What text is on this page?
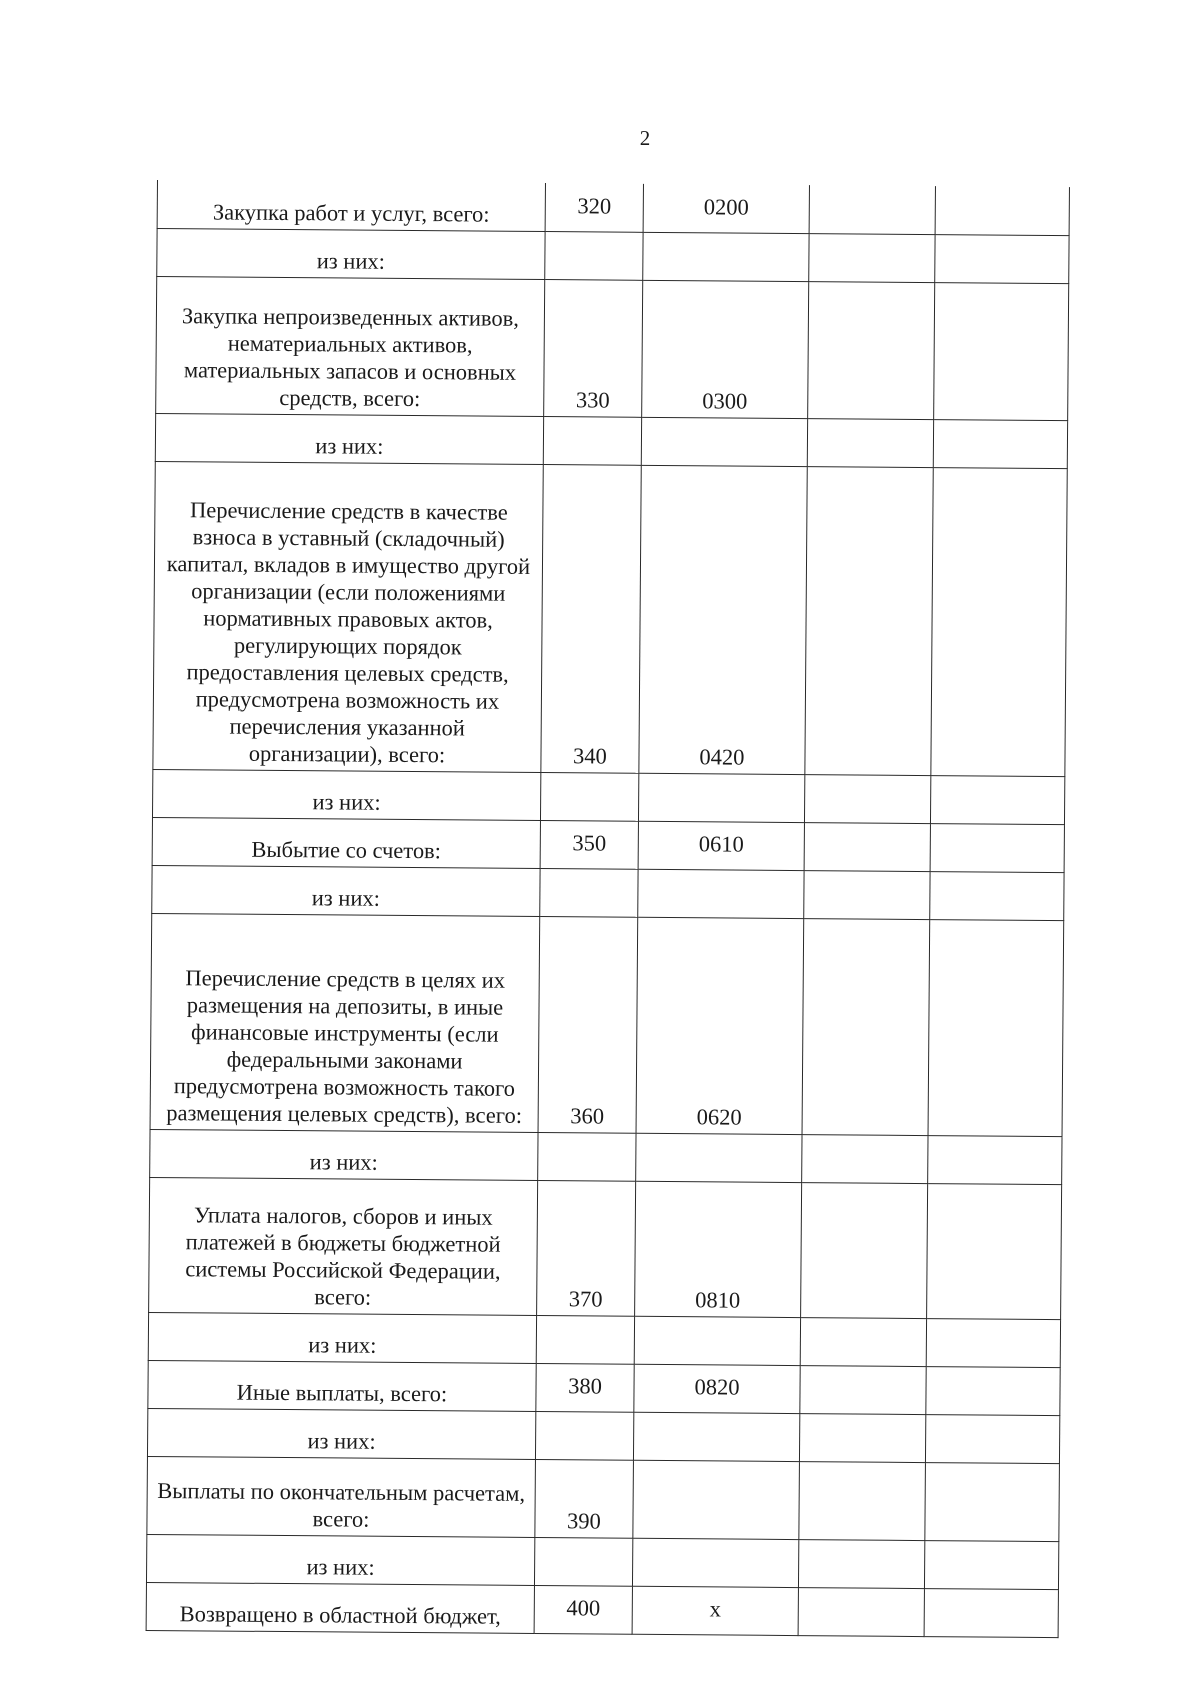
2
Закупка работ и услуг, всего:	320	0200		
из них:				
Закупка непроизведенных активов, нематериальных активов, материальных запасов и основных средств, всего:	330	0300		
из них:				
Перечисление средств в качестве взноса в уставный (складочный) капитал, вкладов в имущество другой организации (если положениями нормативных правовых актов, регулирующих порядок предоставления целевых средств, предусмотрена возможность их перечисления указанной организации), всего:	340	0420		
из них:				
Выбытие со счетов:	350	0610		
из них:				
Перечисление средств в целях их размещения на депозиты, в иные финансовые инструменты (если федеральными законами предусмотрена возможность такого размещения целевых средств), всего:	360	0620		
из них:				
Уплата налогов, сборов и иных платежей в бюджеты бюджетной системы Российской Федерации, всего:	370	0810		
из них:				
Иные выплаты, всего:	380	0820		
из них:				
Выплаты по окончательным расчетам, всего:	390			
из них:				
Возвращено в областной бюджет,	400	x		
